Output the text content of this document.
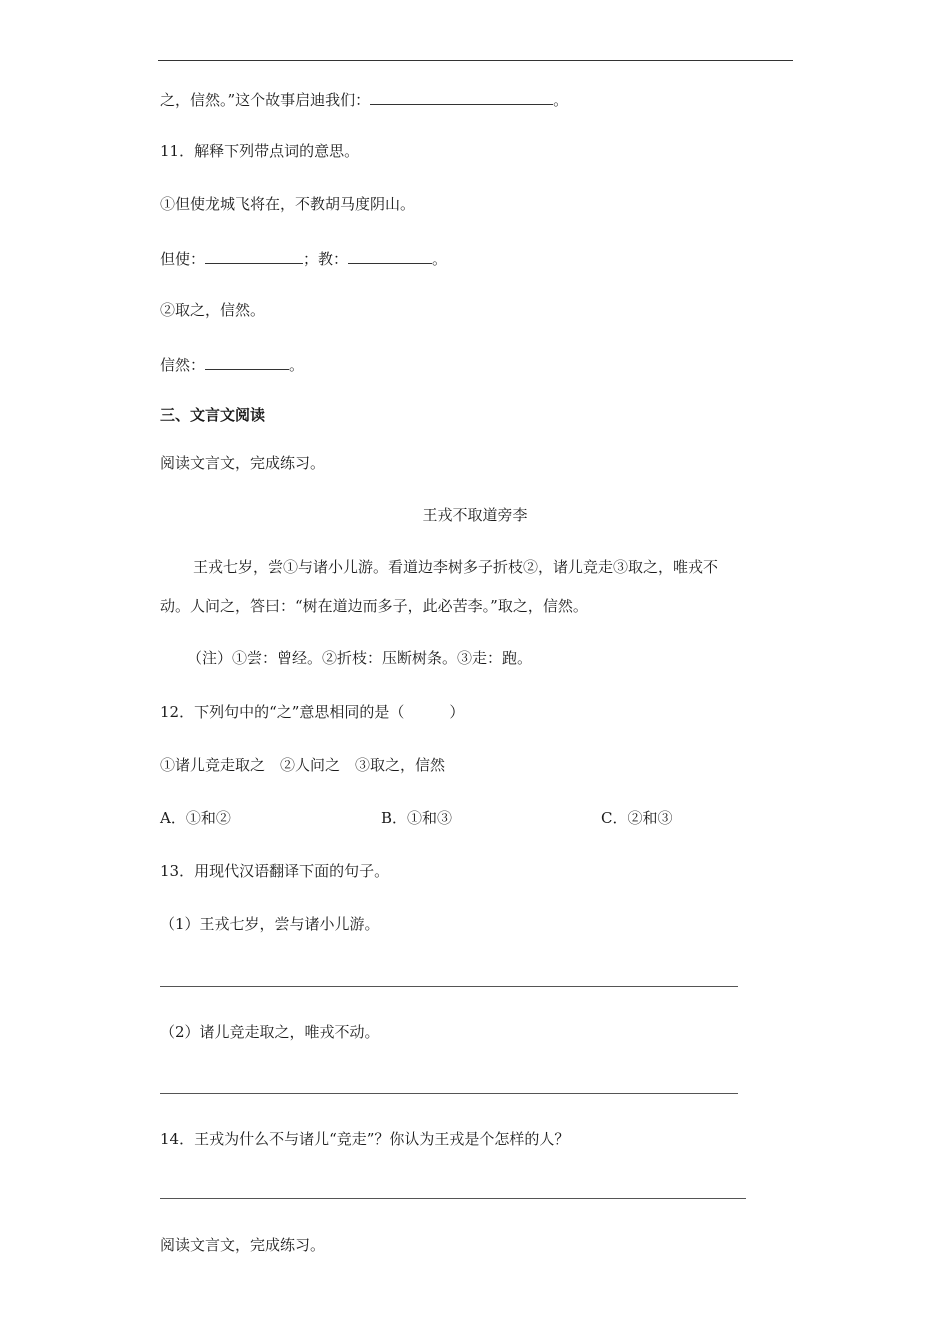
之，信然。”这个故事启迪我们：	。
11．解释下列带点词的意思。
①但使龙城飞将在，不教胡马度阴山。
但使：	；教：	。
②取之，信然。
信然：	。
三、文言文阅读
阅读文言文，完成练习。
王戎不取道旁李
王戎七岁，尝①与诸小儿游。看道边李树多子折枝②，诸儿竞走③取之，唯戎不
动。人问之，答曰：“树在道边而多子，此必苦李。”取之，信然。
（注）①尝：曾经。②折枝：压断树条。③走：跑。
12．下列句中的“之”意思相同的是（　　　）
①诸儿竞走取之　②人问之　③取之，信然
A．①和②	B．①和③	C．②和③
13．用现代汉语翻译下面的句子。
（1）王戎七岁，尝与诸小儿游。
（2）诸儿竞走取之，唯戎不动。
14．王戎为什么不与诸儿“竞走”？你认为王戎是个怎样的人？
阅读文言文，完成练习。
